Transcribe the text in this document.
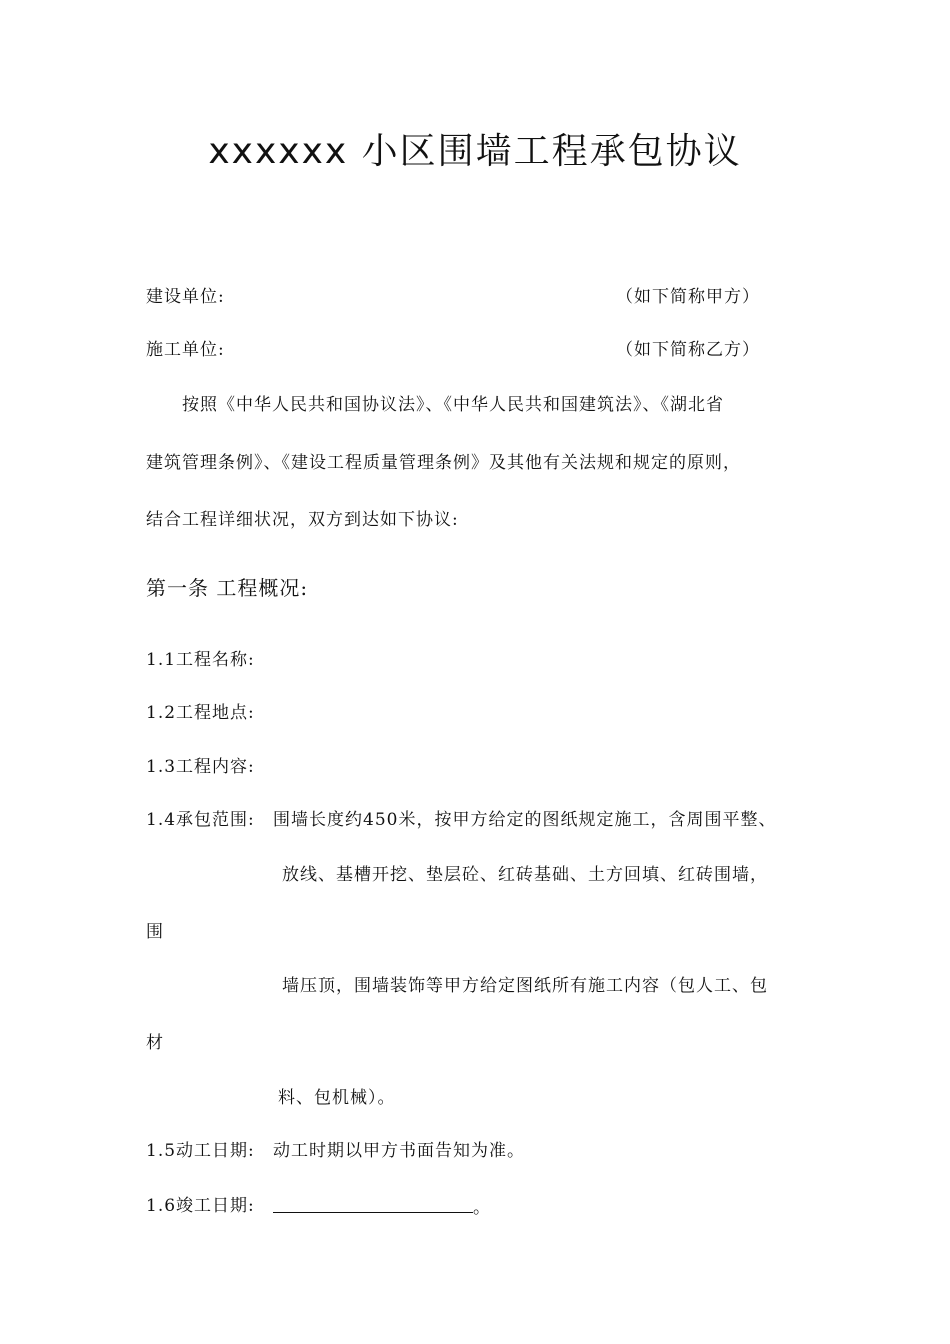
xxxxxx 小区围墙工程承包协议
建设单位:	（如下简称甲方）
施工单位:	（如下简称乙方）
按照《中华人民共和国协议法》、《中华人民共和国建筑法》、《湖北省
建筑管理条例》、《建设工程质量管理条例》及其他有关法规和规定的原则，
结合工程详细状况，双方到达如下协议:
第一条 工程概况:
1.1工程名称:
1.2工程地点:
1.3工程内容:
1.4承包范围: 围墙长度约450米，按甲方给定的图纸规定施工，含周围平整、
放线、基槽开挖、垫层砼、红砖基础、土方回填、红砖围墙，
围
墙压顶，围墙装饰等甲方给定图纸所有施工内容（包人工、包
材
料、包机械）。
1.5动工日期: 动工时期以甲方书面告知为准。
1.6竣工日期:	。
